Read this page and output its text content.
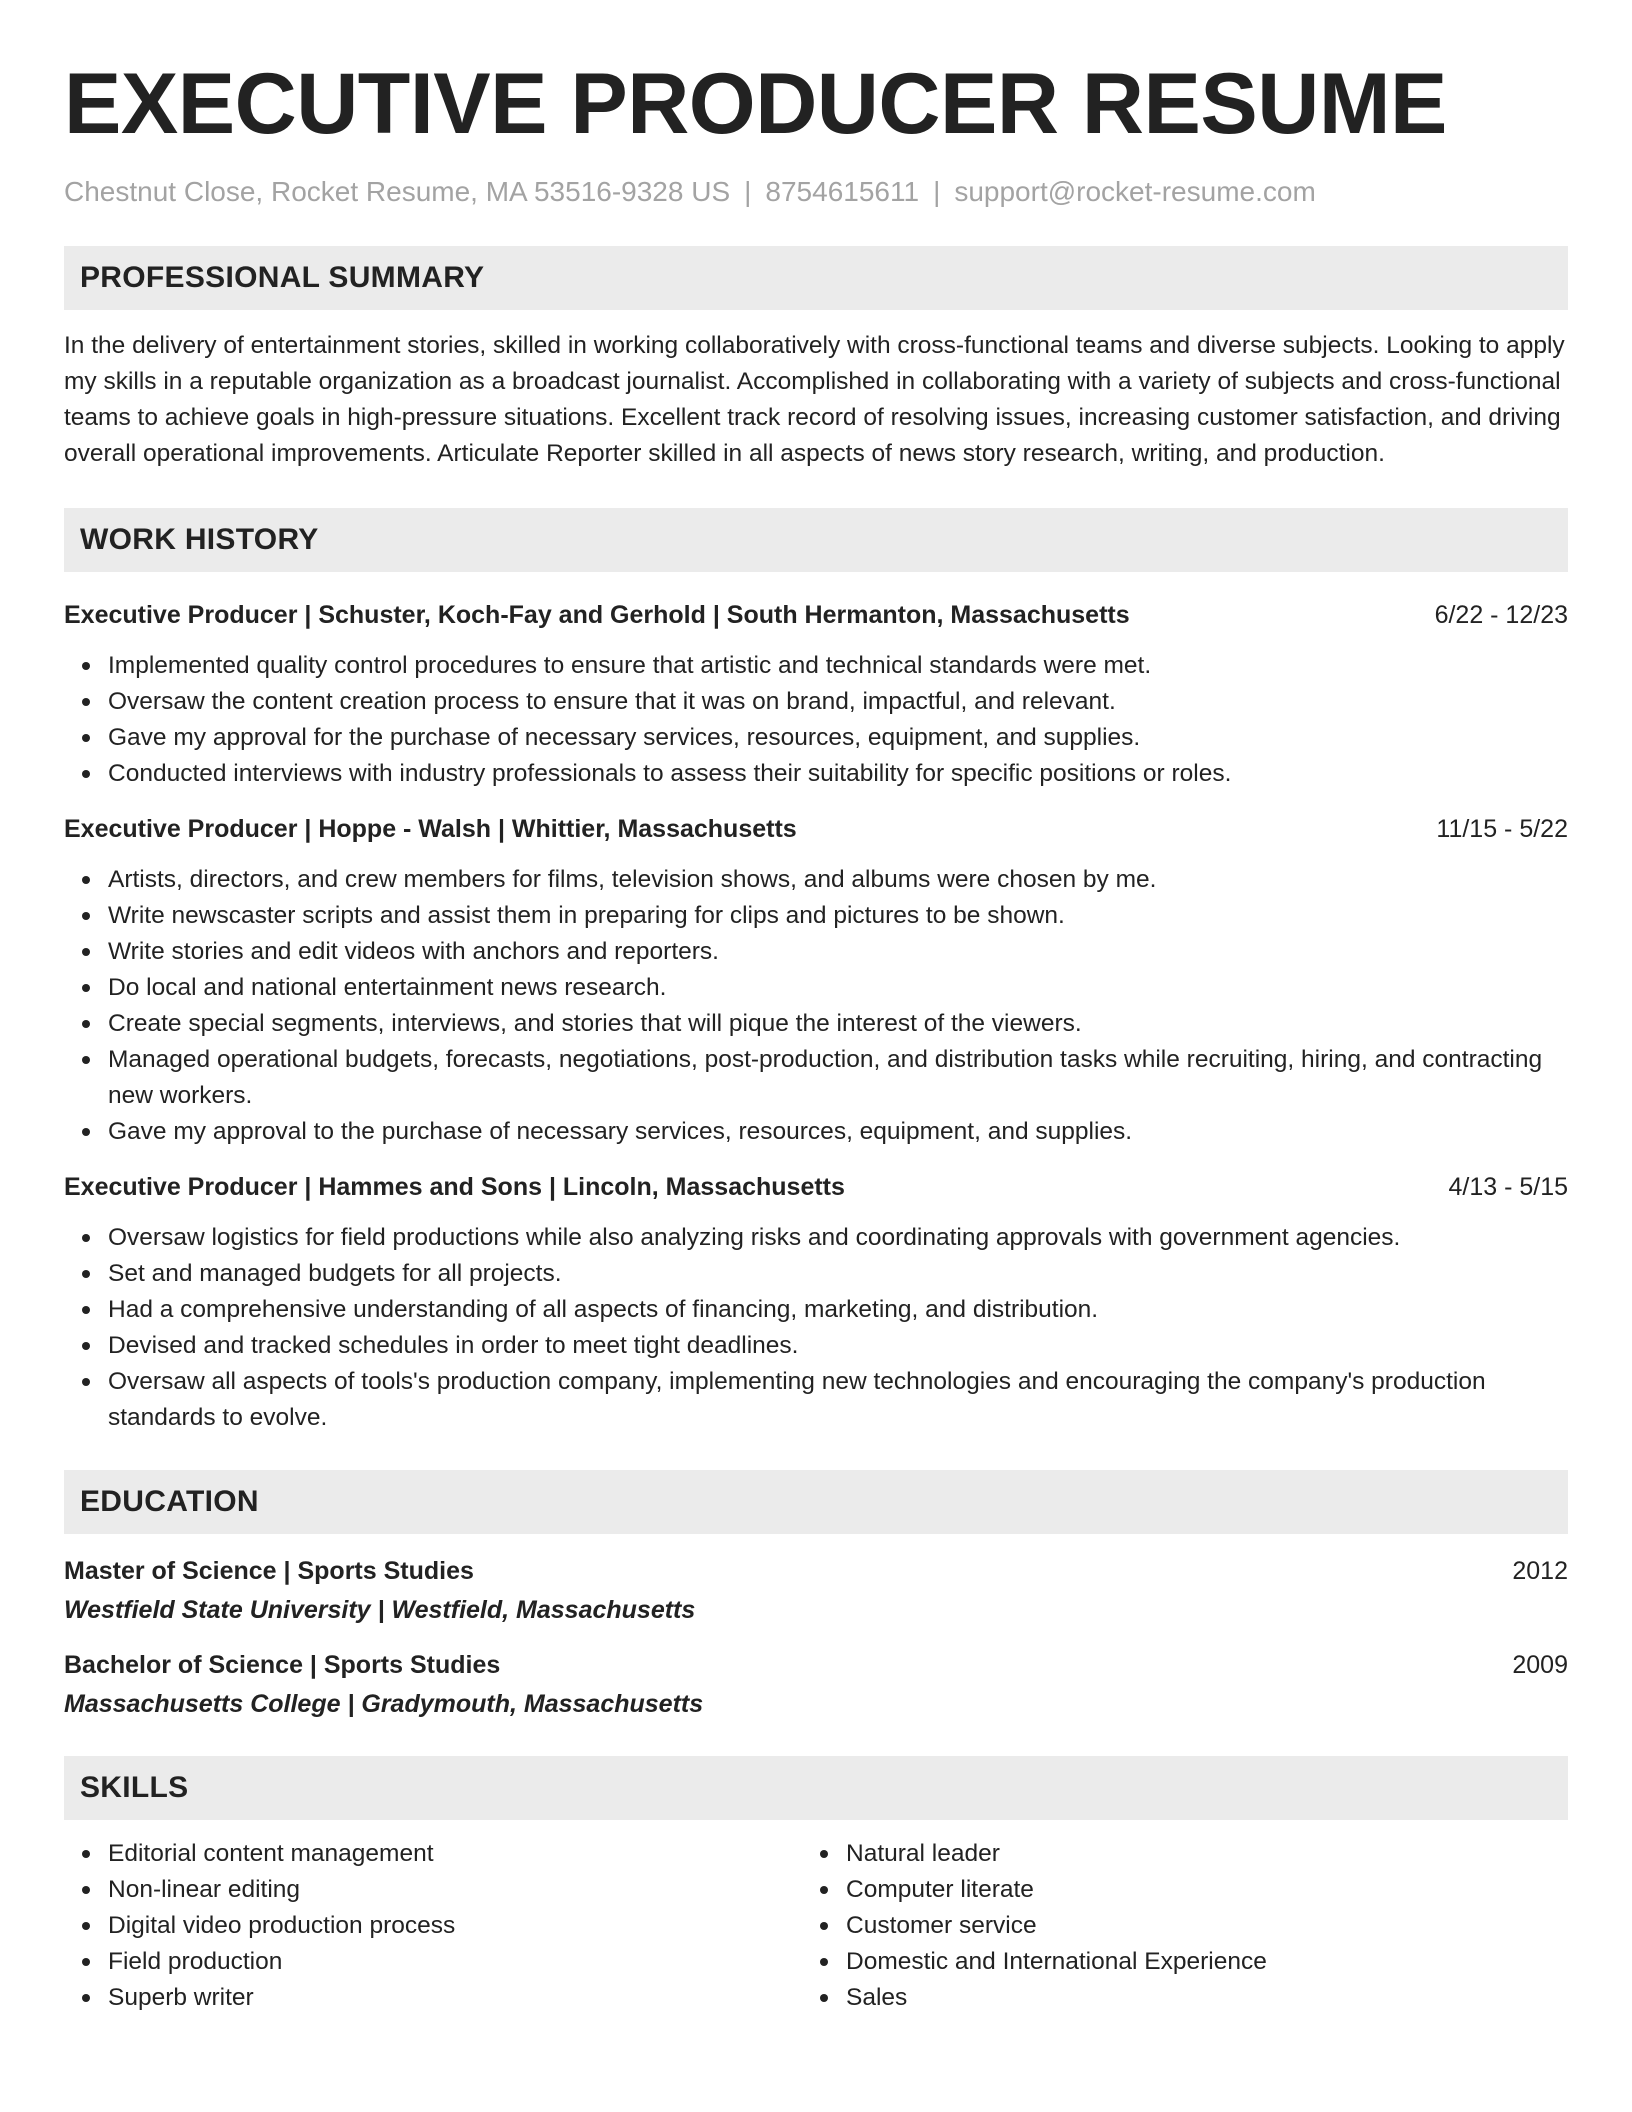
EXECUTIVE PRODUCER RESUME
Chestnut Close, Rocket Resume, MA 53516-9328 US | 8754615611 | support@rocket-resume.com
PROFESSIONAL SUMMARY

In the delivery of entertainment stories, skilled in working collaboratively with cross-functional teams and diverse subjects. Looking to apply my skills in a reputable organization as a broadcast journalist. Accomplished in collaborating with a variety of subjects and cross-functional teams to achieve goals in high-pressure situations. Excellent track record of resolving issues, increasing customer satisfaction, and driving overall operational improvements. Articulate Reporter skilled in all aspects of news story research, writing, and production.

WORK HISTORY
Executive Producer | Schuster, Koch-Fay and Gerhold | South Hermanton, Massachusetts	6/22 - 12/23
Implemented quality control procedures to ensure that artistic and technical standards were met.
Oversaw the content creation process to ensure that it was on brand, impactful, and relevant.
Gave my approval for the purchase of necessary services, resources, equipment, and supplies.
Conducted interviews with industry professionals to assess their suitability for specific positions or roles.
Executive Producer | Hoppe - Walsh | Whittier, Massachusetts	11/15 - 5/22
Artists, directors, and crew members for films, television shows, and albums were chosen by me.
Write newscaster scripts and assist them in preparing for clips and pictures to be shown.
Write stories and edit videos with anchors and reporters.
Do local and national entertainment news research.
Create special segments, interviews, and stories that will pique the interest of the viewers.
Managed operational budgets, forecasts, negotiations, post-production, and distribution tasks while recruiting, hiring, and contracting new workers.
Gave my approval to the purchase of necessary services, resources, equipment, and supplies.
Executive Producer | Hammes and Sons | Lincoln, Massachusetts	4/13 - 5/15
Oversaw logistics for field productions while also analyzing risks and coordinating approvals with government agencies.
Set and managed budgets for all projects.
Had a comprehensive understanding of all aspects of financing, marketing, and distribution.
Devised and tracked schedules in order to meet tight deadlines.
Oversaw all aspects of tools's production company, implementing new technologies and encouraging the company's production standards to evolve.
EDUCATION
Master of Science | Sports Studies	2012
Westfield State University | Westfield, Massachusetts
Bachelor of Science | Sports Studies	2009
Massachusetts College | Gradymouth, Massachusetts
SKILLS
Editorial content management
Non-linear editing
Digital video production process
Field production
Superb writer
Natural leader
Computer literate
Customer service
Domestic and International Experience
Sales
